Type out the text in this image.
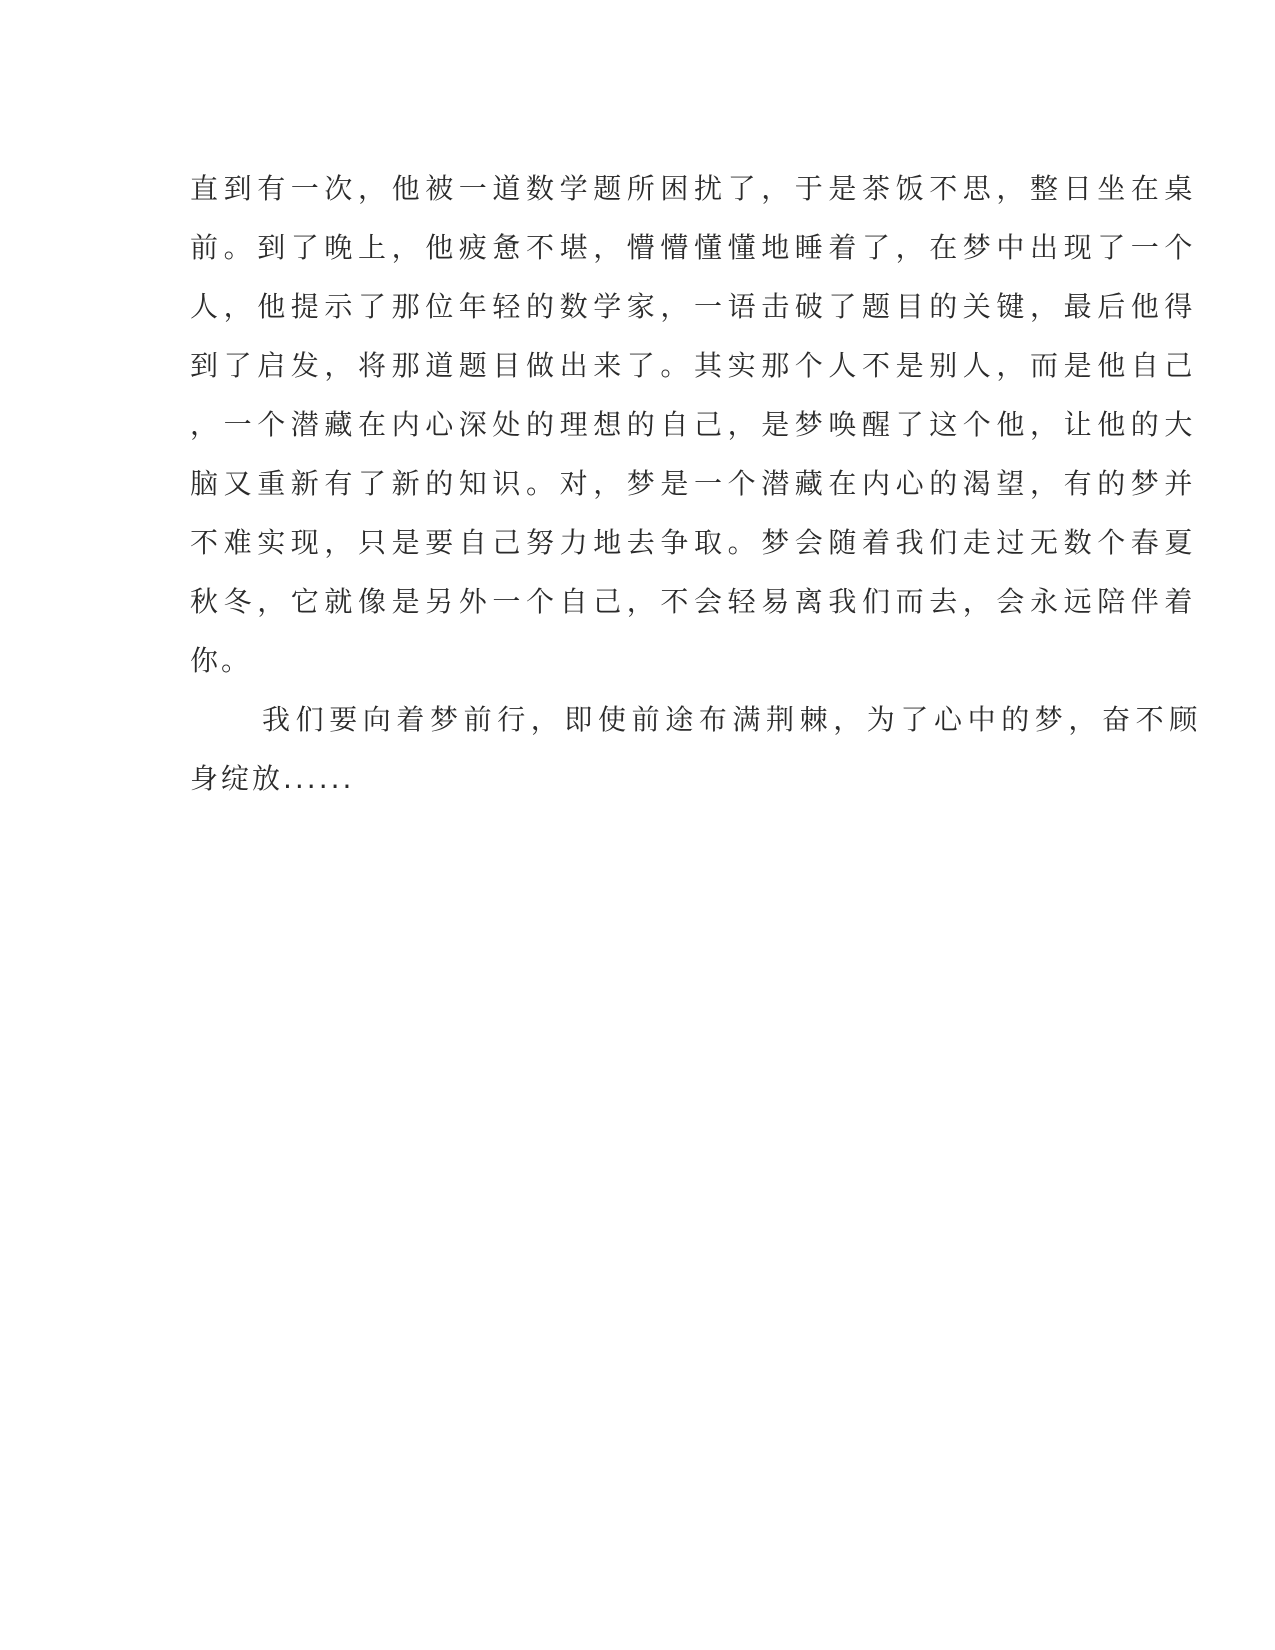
直到有一次，他被一道数学题所困扰了，于是茶饭不思，整日坐在桌
前。到了晚上，他疲惫不堪，懵懵懂懂地睡着了，在梦中出现了一个
人，他提示了那位年轻的数学家，一语击破了题目的关键，最后他得
到了启发，将那道题目做出来了。其实那个人不是别人，而是他自己
，一个潜藏在内心深处的理想的自己，是梦唤醒了这个他，让他的大
脑又重新有了新的知识。对，梦是一个潜藏在内心的渴望，有的梦并
不难实现，只是要自己努力地去争取。梦会随着我们走过无数个春夏
秋冬，它就像是另外一个自己，不会轻易离我们而去，会永远陪伴着
你。
我们要向着梦前行，即使前途布满荆棘，为了心中的梦，奋不顾
身绽放......
